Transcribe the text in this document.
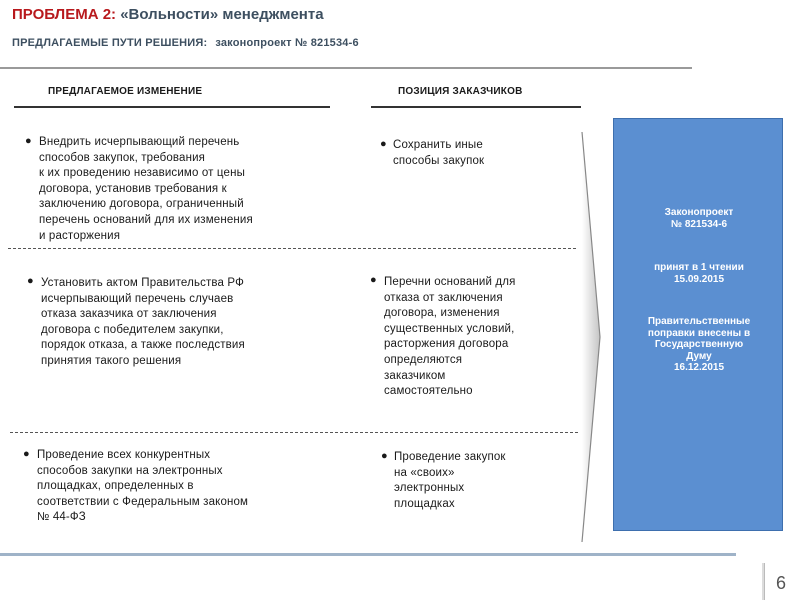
ПРОБЛЕМА 2: «Вольности» менеджмента
ПРЕДЛАГАЕМЫЕ ПУТИ РЕШЕНИЯ: законопроект № 821534-6
ПРЕДЛАГАЕМОЕ ИЗМЕНЕНИЕ	ПОЗИЦИЯ ЗАКАЗЧИКОВ
● Внедрить исчерпывающий перечень
способов закупок, требования
к их проведению независимо от цены
договора, установив требования к
заключению договора, ограниченный
перечень оснований для их изменения
и расторжения
● Сохранить иные
способы закупок
● Установить актом Правительства РФ
исчерпывающий перечень случаев
отказа заказчика от заключения
договора с победителем закупки,
порядок отказа, а также последствия
принятия такого решения
● Перечни оснований для
отказа от заключения
договора, изменения
существенных условий,
расторжения договора
определяются
заказчиком
самостоятельно
● Проведение всех конкурентных
способов закупки на электронных
площадках, определенных в
соответствии с Федеральным законом
№ 44-ФЗ
● Проведение закупок
на «своих»
электронных
площадках
Законопроект
№ 821534-6
принят в 1 чтении
15.09.2015
Правительственные
поправки внесены в
Государственную
Думу
16.12.2015
6
